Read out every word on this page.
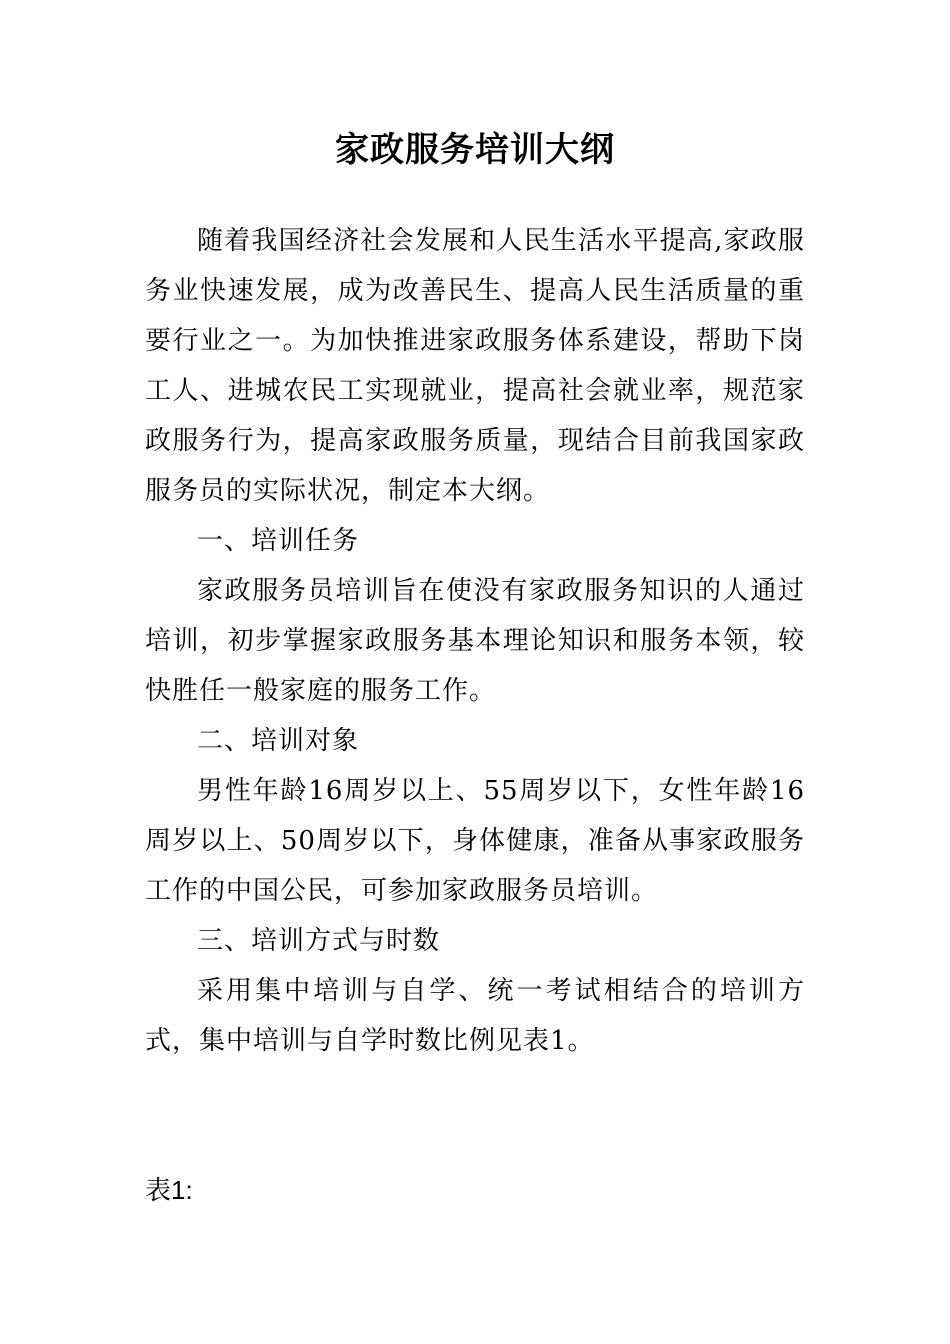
家政服务培训大纲

随着我国经济社会发展和人民生活水平提高,家政服务业快速发展，成为改善民生、提高人民生活质量的重要行业之一。为加快推进家政服务体系建设，帮助下岗工人、进城农民工实现就业，提高社会就业率，规范家政服务行为，提高家政服务质量，现结合目前我国家政服务员的实际状况，制定本大纲。

一、培训任务

家政服务员培训旨在使没有家政服务知识的人通过培训，初步掌握家政服务基本理论知识和服务本领，较快胜任一般家庭的服务工作。

二、培训对象

男性年龄16周岁以上、55周岁以下，女性年龄16周岁以上、50周岁以下，身体健康，准备从事家政服务工作的中国公民，可参加家政服务员培训。

三、培训方式与时数

采用集中培训与自学、统一考试相结合的培训方式，集中培训与自学时数比例见表1。

表1:
